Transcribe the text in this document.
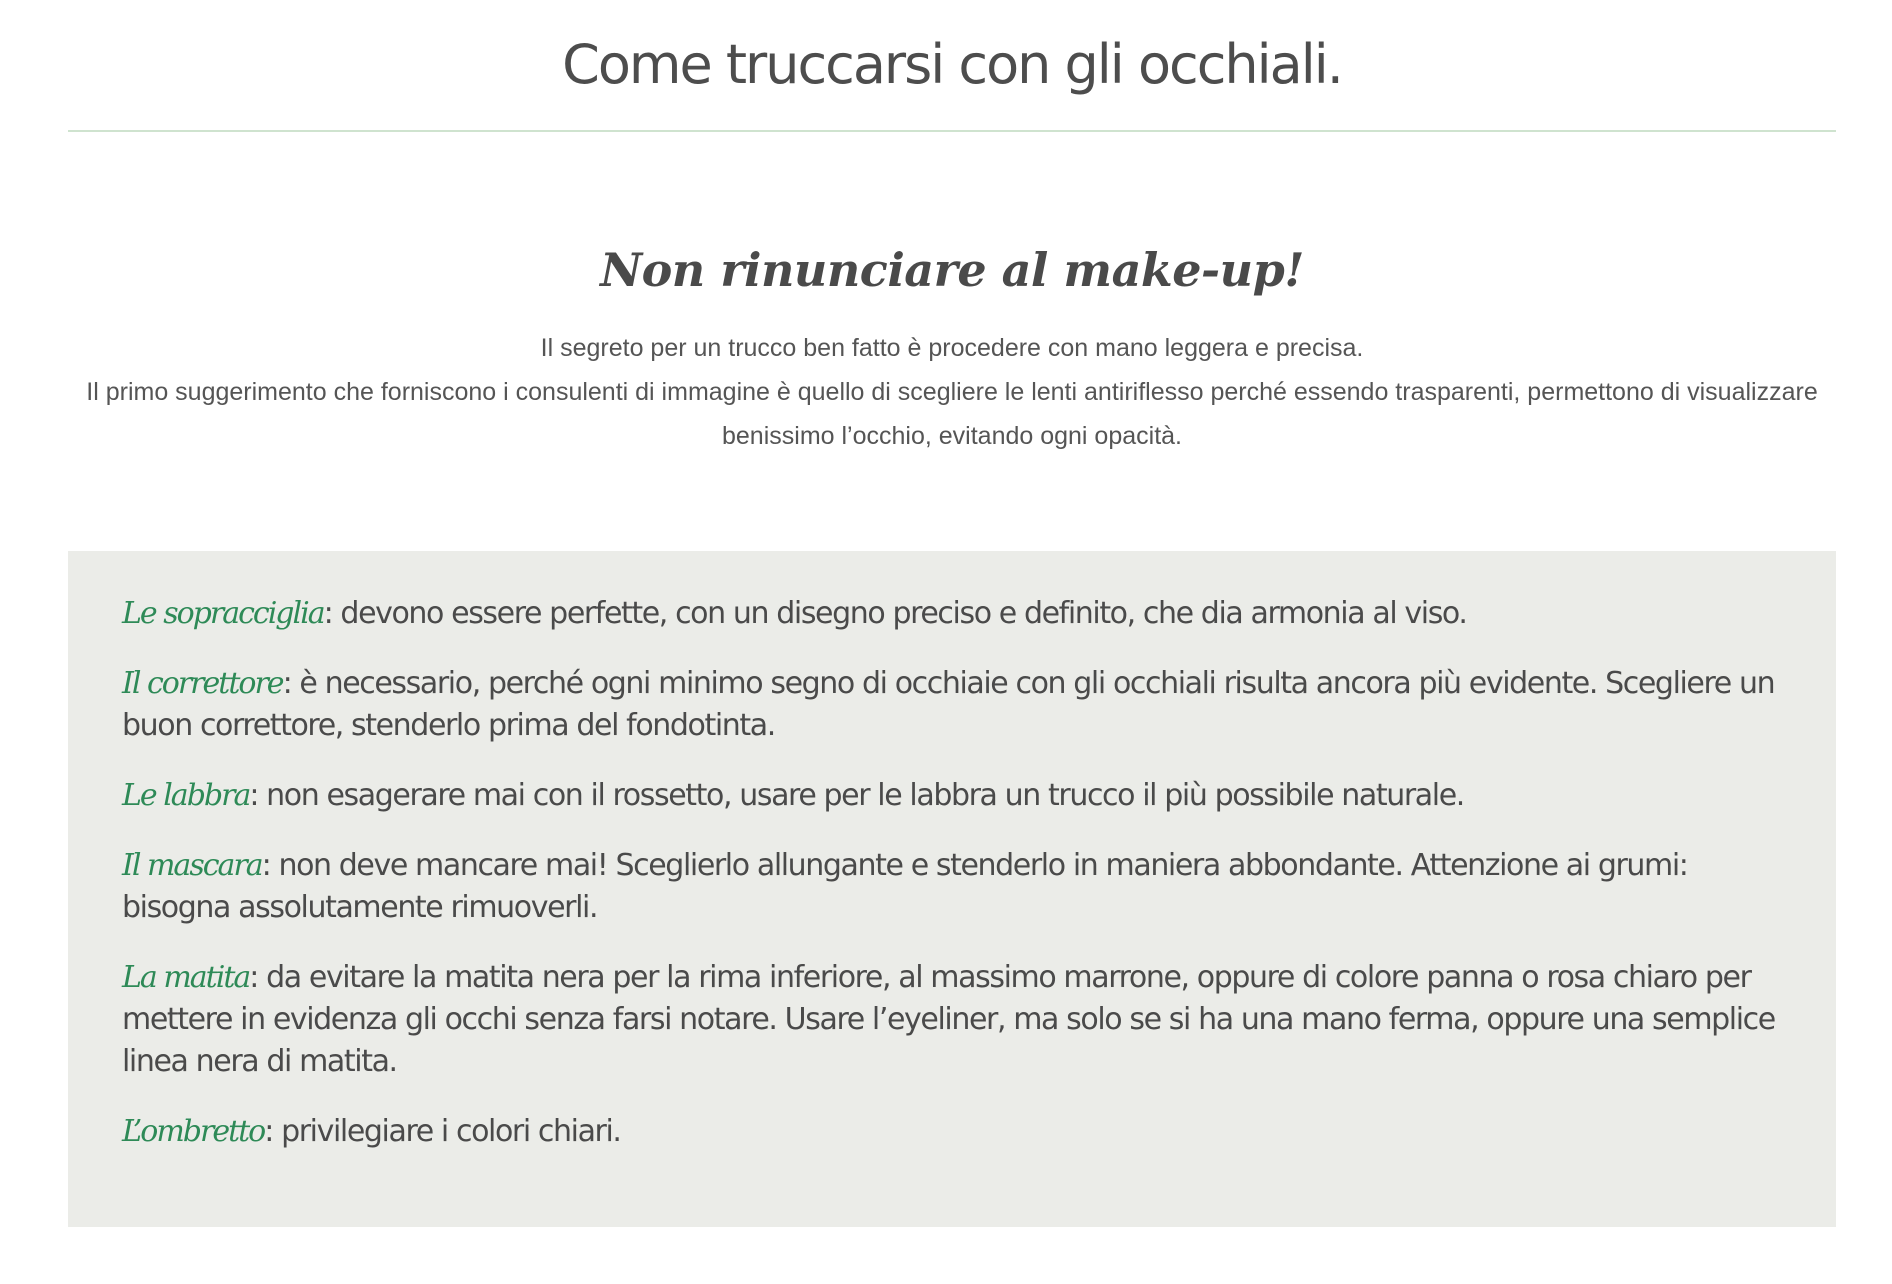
Come truccarsi con gli occhiali.
Non rinunciare al make-up!

Il segreto per un trucco ben fatto è procedere con mano leggera e precisa.
Il primo suggerimento che forniscono i consulenti di immagine è quello di scegliere le lenti antiriflesso perché essendo trasparenti, permettono di visualizzare benissimo l’occhio, evitando ogni opacità.

Le sopracciglia: devono essere perfette, con un disegno preciso e definito, che dia armonia al viso.

Il correttore: è necessario, perché ogni minimo segno di occhiaie con gli occhiali risulta ancora più evidente. Scegliere un buon correttore, stenderlo prima del fondotinta.

Le labbra: non esagerare mai con il rossetto, usare per le labbra un trucco il più possibile naturale.

Il mascara: non deve mancare mai! Sceglierlo allungante e stenderlo in maniera abbondante. Attenzione ai grumi: bisogna assolutamente rimuoverli.

La matita: da evitare la matita nera per la rima inferiore, al massimo marrone, oppure di colore panna o rosa chiaro per mettere in evidenza gli occhi senza farsi notare. Usare l’eyeliner, ma solo se si ha una mano ferma, oppure una semplice linea nera di matita.

L’ombretto: privilegiare i colori chiari.
